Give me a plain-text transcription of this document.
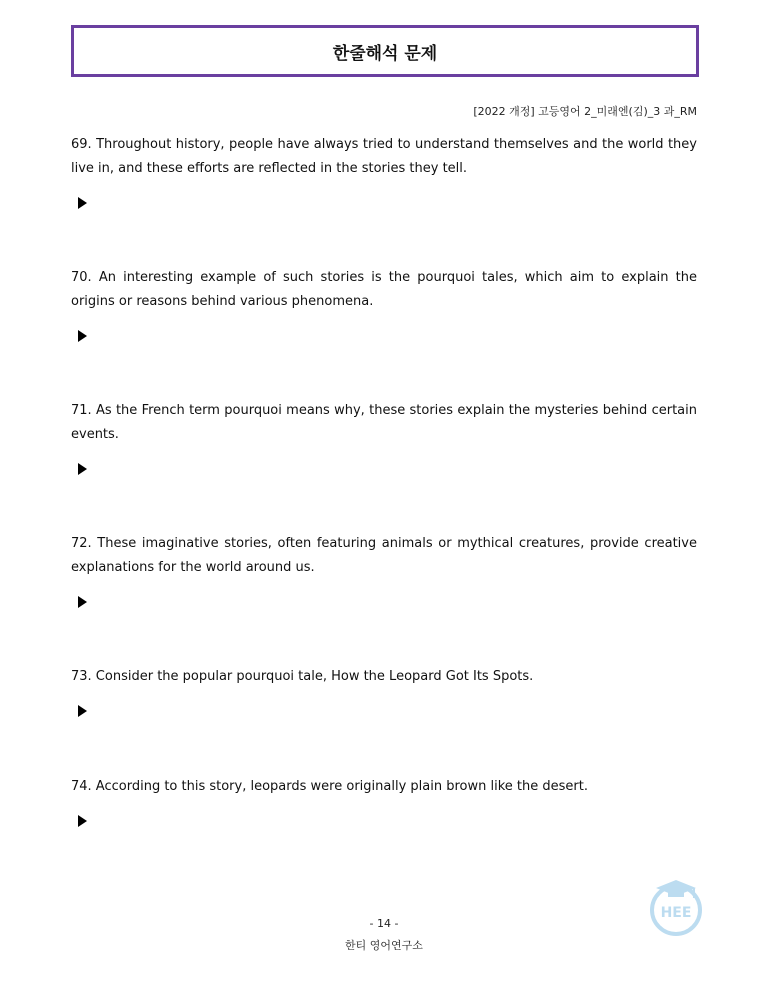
한줄해석 문제
[2022 개정] 고등영어 2_미래엔(김)_3 과_RM

69. Throughout history, people have always tried to understand themselves and the world they live in, and these efforts are reflected in the stories they tell.

70. An interesting example of such stories is the pourquoi tales, which aim to explain the origins or reasons behind various phenomena.

71. As the French term pourquoi means why, these stories explain the mysteries behind certain events.

72. These imaginative stories, often featuring animals or mythical creatures, provide creative explanations for the world around us.

73. Consider the popular pourquoi tale, How the Leopard Got Its Spots.

74. According to this story, leopards were originally plain brown like the desert.

HEE
- 14 -
한티 영어연구소
